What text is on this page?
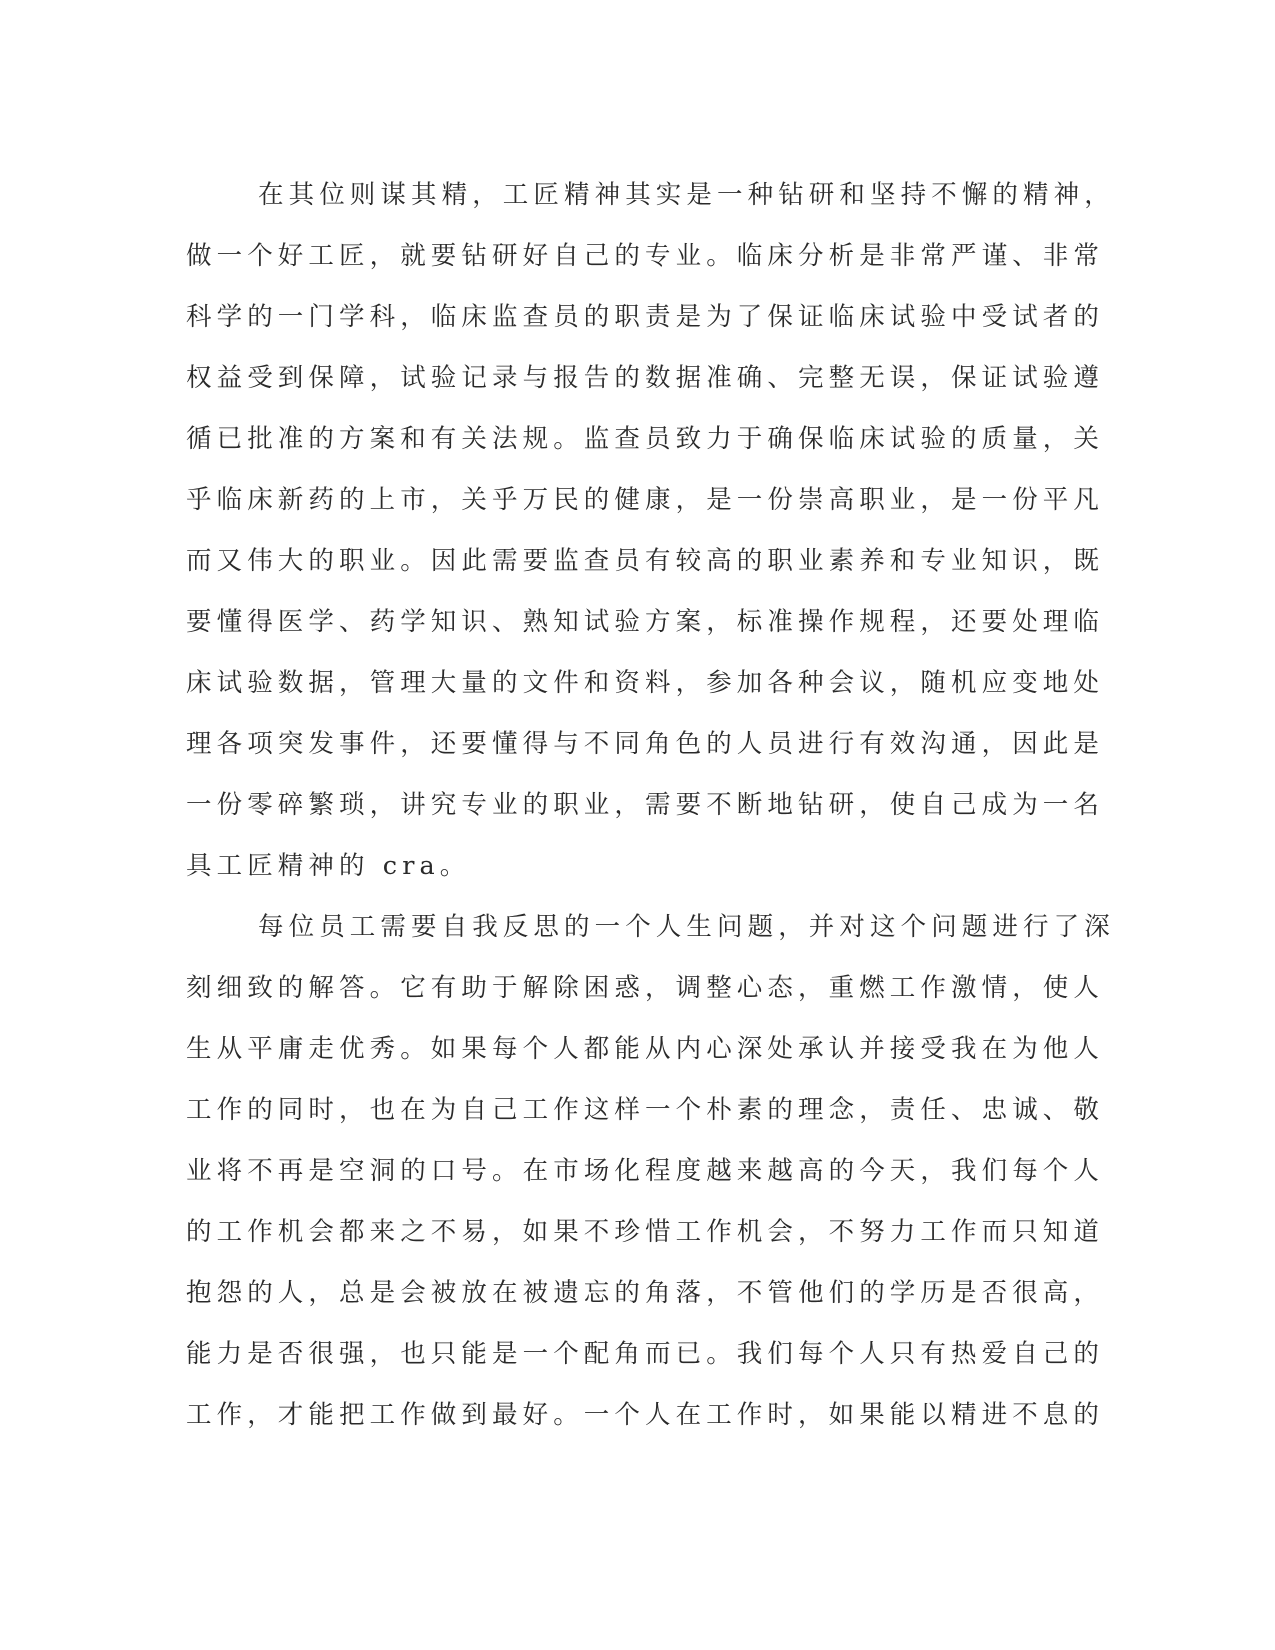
在其位则谋其精，工匠精神其实是一种钻研和坚持不懈的精神，
做一个好工匠，就要钻研好自己的专业。临床分析是非常严谨、非常
科学的一门学科，临床监查员的职责是为了保证临床试验中受试者的
权益受到保障，试验记录与报告的数据准确、完整无误，保证试验遵
循已批准的方案和有关法规。监查员致力于确保临床试验的质量，关
乎临床新药的上市，关乎万民的健康，是一份崇高职业，是一份平凡
而又伟大的职业。因此需要监查员有较高的职业素养和专业知识，既
要懂得医学、药学知识、熟知试验方案，标准操作规程，还要处理临
床试验数据，管理大量的文件和资料，参加各种会议，随机应变地处
理各项突发事件，还要懂得与不同角色的人员进行有效沟通，因此是
一份零碎繁琐，讲究专业的职业，需要不断地钻研，使自己成为一名
具工匠精神的 cra。
每位员工需要自我反思的一个人生问题，并对这个问题进行了深
刻细致的解答。它有助于解除困惑，调整心态，重燃工作激情，使人
生从平庸走优秀。如果每个人都能从内心深处承认并接受我在为他人
工作的同时，也在为自己工作这样一个朴素的理念，责任、忠诚、敬
业将不再是空洞的口号。在市场化程度越来越高的今天，我们每个人
的工作机会都来之不易，如果不珍惜工作机会，不努力工作而只知道
抱怨的人，总是会被放在被遗忘的角落，不管他们的学历是否很高，
能力是否很强，也只能是一个配角而已。我们每个人只有热爱自己的
工作，才能把工作做到最好。一个人在工作时，如果能以精进不息的
